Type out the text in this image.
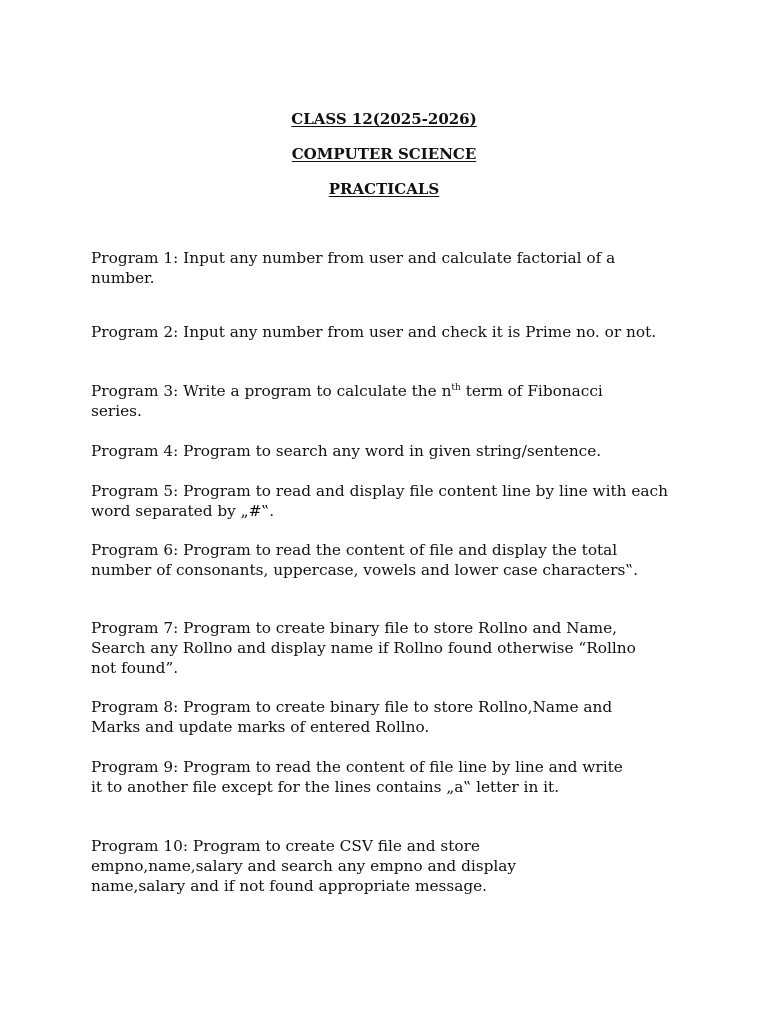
CLASS 12(2025-2026)
COMPUTER SCIENCE
PRACTICALS

Program 1: Input any number from user and calculate factorial of a number.

Program 2: Input any number from user and check it is Prime no. or not.

Program 3: Write a program to calculate the $n^{th}$ term of Fibonacci series.

Program 4: Program to search any word in given string/sentence.

Program 5: Program to read and display file content line by line with each word separated by „#‟.

Program 6: Program to read the content of file and display the total number of consonants, uppercase, vowels and lower case characters‟.

Program 7: Program to create binary file to store Rollno and Name, Search any Rollno and display name if Rollno found otherwise “Rollno not found”.

Program 8: Program to create binary file to store Rollno,Name and Marks and update marks of entered Rollno.

Program 9: Program to read the content of file line by line and write it to another file except for the lines contains „a‟ letter in it.

Program 10: Program to create CSV file and store empno,name,salary and search any empno and display name,salary and if not found appropriate message.
